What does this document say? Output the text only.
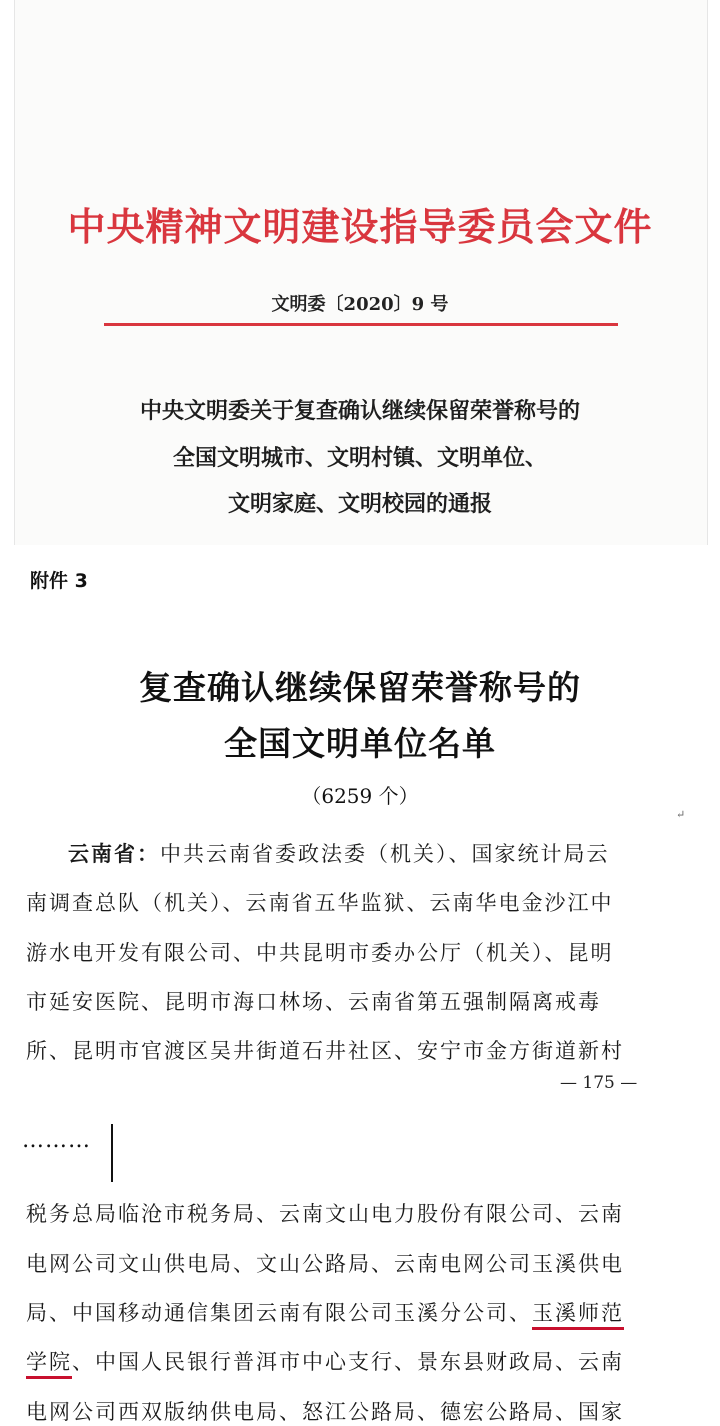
中央精神文明建设指导委员会文件
文明委〔2020〕9 号
中央文明委关于复查确认继续保留荣誉称号的
全国文明城市、文明村镇、文明单位、
文明家庭、文明校园的通报
附件 3
复查确认继续保留荣誉称号的
全国文明单位名单
（6259 个）
↵
云南省：中共云南省委政法委（机关）、国家统计局云
南调查总队（机关）、云南省五华监狱、云南华电金沙江中
游水电开发有限公司、中共昆明市委办公厅（机关）、昆明
市延安医院、昆明市海口林场、云南省第五强制隔离戒毒
所、昆明市官渡区吴井街道石井社区、安宁市金方街道新村
— 175 —
………
税务总局临沧市税务局、云南文山电力股份有限公司、云南
电网公司文山供电局、文山公路局、云南电网公司玉溪供电
局、中国移动通信集团云南有限公司玉溪分公司、玉溪师范
学院、中国人民银行普洱市中心支行、景东县财政局、云南
电网公司西双版纳供电局、怒江公路局、德宏公路局、国家
